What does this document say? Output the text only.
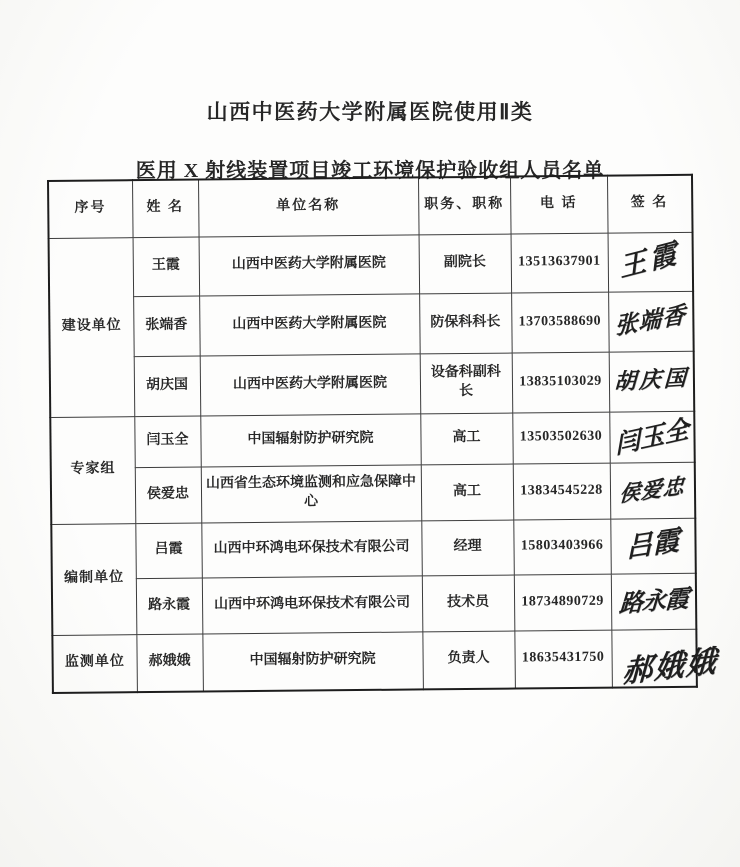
山西中医药大学附属医院使用Ⅱ类
医用 X 射线装置项目竣工环境保护验收组人员名单
序号	姓 名	单位名称	职务、职称	电 话	签 名
建设单位	王霞	山西中医药大学附属医院	副院长	13513637901	王霞
	张端香	山西中医药大学附属医院	防保科科长	13703588690	张端香
	胡庆国	山西中医药大学附属医院	设备科副科长	13835103029	胡庆国
专家组	闫玉全	中国辐射防护研究院	高工	13503502630	闫玉全
	侯爱忠	山西省生态环境监测和应急保障中心	高工	13834545228	侯爱忠
编制单位	吕霞	山西中环鸿电环保技术有限公司	经理	15803403966	吕霞
	路永霞	山西中环鸿电环保技术有限公司	技术员	18734890729	路永霞
监测单位	郝娥娥	中国辐射防护研究院	负责人	18635431750	郝娥娥
